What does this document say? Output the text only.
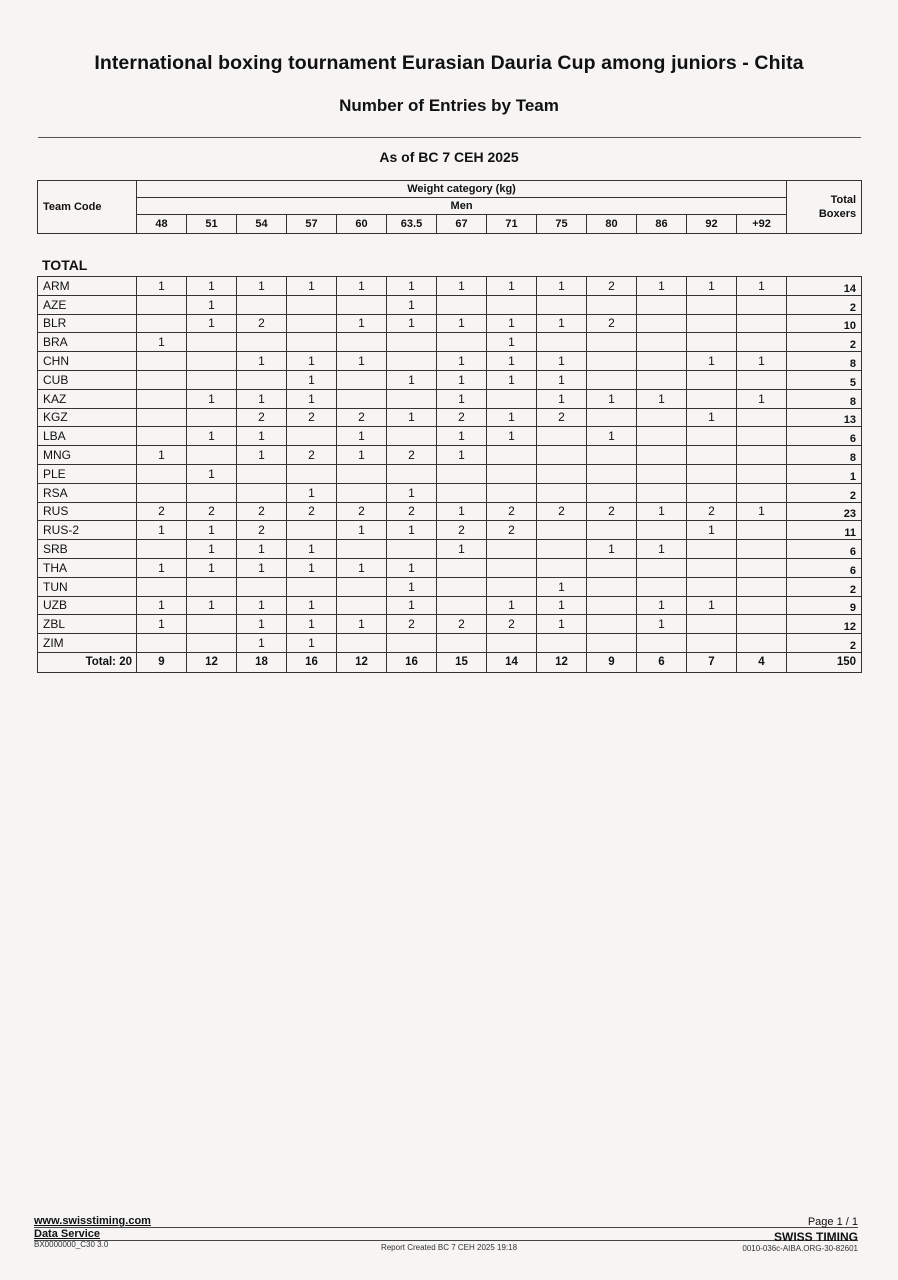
International boxing tournament Eurasian Dauria Cup among juniors - Chita
Number of Entries by Team
As of BC 7 CEH 2025
Team Code	Weight category (kg)													Total
Boxers
	Men													
	48	51	54	57	60	63.5	67	71	75	80	86	92	+92	
TOTAL
ARM	1	1	1	1	1	1	1	1	1	2	1	1	1	14
AZE		1				1								2
BLR		1	2		1	1	1	1	1	2				10
BRA	1							1						2
CHN			1	1	1		1	1	1			1	1	8
CUB				1		1	1	1	1					5
KAZ		1	1	1			1		1	1	1		1	8
KGZ			2	2	2	1	2	1	2			1		13
LBA		1	1		1		1	1		1				6
MNG	1		1	2	1	2	1							8
PLE		1												1
RSA				1		1								2
RUS	2	2	2	2	2	2	1	2	2	2	1	2	1	23
RUS-2	1	1	2		1	1	2	2				1		11
SRB		1	1	1			1			1	1			6
THA	1	1	1	1	1	1								6
TUN						1			1					2
UZB	1	1	1	1		1		1	1		1	1		9
ZBL	1		1	1	1	2	2	2	1		1			12
ZIM			1	1										2
Total: 20	9	12	18	16	12	16	15	14	12	9	6	7	4	150
www.swisstiming.com
Data Service
BX0000000_C30 3.0	Report Created BC 7 CEH 2025 19:18
Page 1 / 1
SWISS TIMING
0010-036c-AIBA.ORG-30-82601
